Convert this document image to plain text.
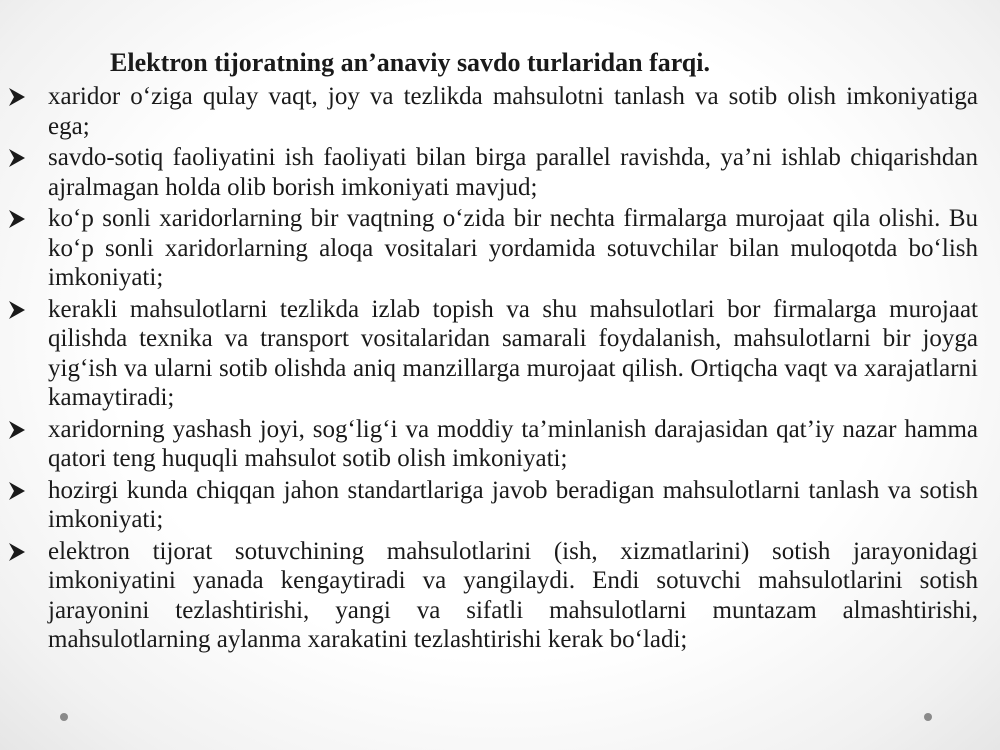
Elektron tijoratning an’anaviy savdo turlaridan farqi.
xaridor o‘ziga qulay vaqt, joy va tezlikda mahsulotni tanlash va sotib olish imkoniyatiga ega;
savdo-sotiq faoliyatini ish faoliyati bilan birga parallel ravishda, ya’ni ishlab chiqarishdan ajralmagan holda olib borish imkoniyati mavjud;
ko‘p sonli xaridorlarning bir vaqtning o‘zida bir nechta firmalarga murojaat qila olishi. Bu ko‘p sonli xaridorlarning aloqa vositalari yordamida sotuvchilar bilan muloqotda bo‘lish imkoniyati;
kerakli mahsulotlarni tezlikda izlab topish va shu mahsulotlari bor firmalarga murojaat qilishda texnika va transport vositalaridan samarali foydalanish, mahsulotlarni bir joyga yig‘ish va ularni sotib olishda aniq manzillarga murojaat qilish. Ortiqcha vaqt va xarajatlarni kamaytiradi;
xaridorning yashash joyi, sog‘lig‘i va moddiy ta’minlanish darajasidan qat’iy nazar hamma qatori teng huquqli mahsulot sotib olish imkoniyati;
hozirgi kunda chiqqan jahon standartlariga javob beradigan mahsulotlarni tanlash va sotish imkoniyati;
elektron tijorat sotuvchining mahsulotlarini (ish, xizmatlarini) sotish jarayonidagi imkoniyatini yanada kengaytiradi va yangilaydi. Endi sotuvchi mahsulotlarini sotish jarayonini tezlashtirishi, yangi va sifatli mahsulotlarni muntazam almashtirishi, mahsulotlarning aylanma xarakatini tezlashtirishi kerak bo‘ladi;
